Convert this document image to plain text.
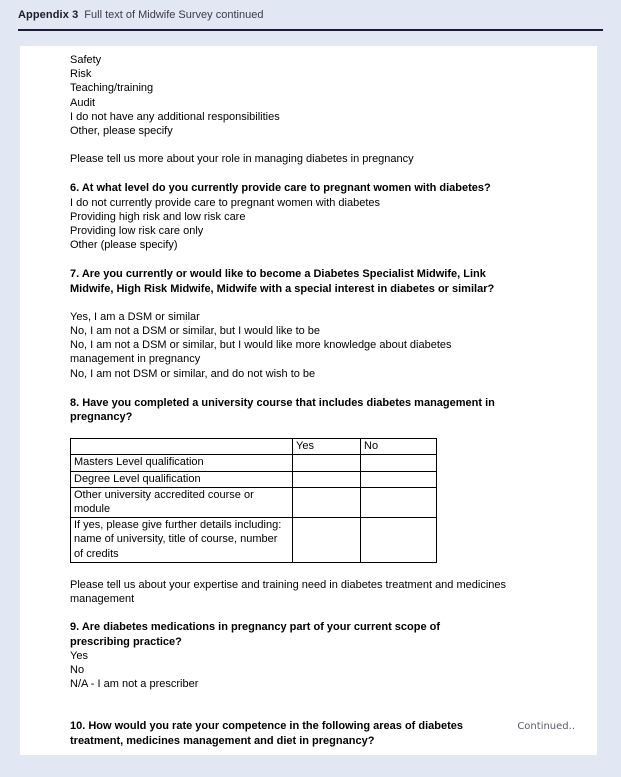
Appendix 3 Full text of Midwife Survey continued
Safety
Risk
Teaching/training
Audit
I do not have any additional responsibilities
Other, please specify
Please tell us more about your role in managing diabetes in pregnancy
6. At what level do you currently provide care to pregnant women with diabetes?
I do not currently provide care to pregnant women with diabetes
Providing high risk and low risk care
Providing low risk care only
Other (please specify)
7. Are you currently or would like to become a Diabetes Specialist Midwife, Link Midwife, High Risk Midwife, Midwife with a special interest in diabetes or similar?
Yes, I am a DSM or similar
No, I am not a DSM or similar, but I would like to be
No, I am not a DSM or similar, but I would like more knowledge about diabetes management in pregnancy
No, I am not DSM or similar, and do not wish to be
8. Have you completed a university course that includes diabetes management in pregnancy?
	Yes	No
Masters Level qualification		
Degree Level qualification		
Other university accredited course or module		
If yes, please give further details including: name of university, title of course, number of credits		
Please tell us about your expertise and training need in diabetes treatment and medicines management
9. Are diabetes medications in pregnancy part of your current scope of prescribing practice?
Yes
No
N/A - I am not a prescriber
10. How would you rate your competence in the following areas of diabetes treatment, medicines management and diet in pregnancy?
Continued..
